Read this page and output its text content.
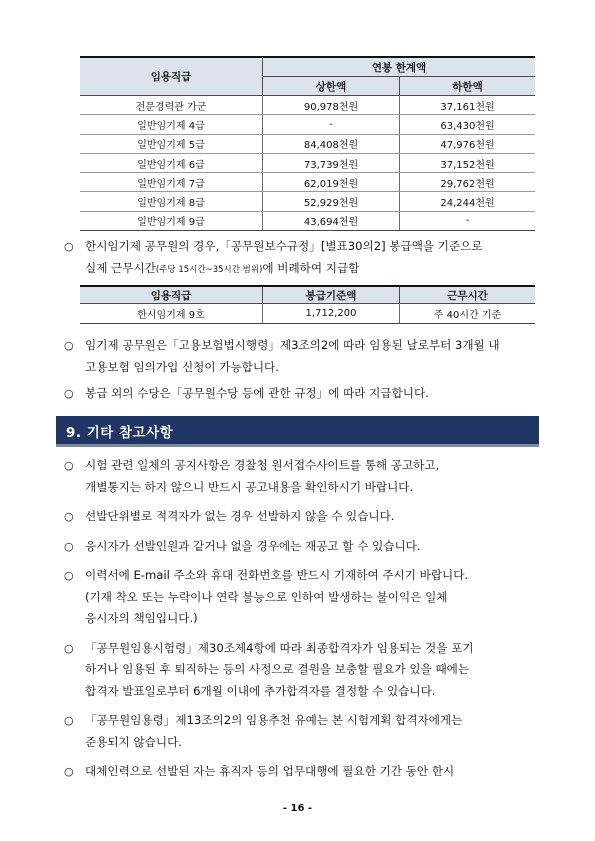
임용직급	연봉 한계액	
	상한액	하한액
전문경력관 가군	90,978천원	37,161천원
일반임기제 4급	-	63,430천원
일반임기제 5급	84,408천원	47,976천원
일반임기제 6급	73,739천원	37,152천원
일반임기제 7급	62,019천원	29,762천원
일반임기제 8급	52,929천원	24,244천원
일반임기제 9급	43,694천원	-
○ 한시임기제 공무원의 경우,「공무원보수규정」[별표30의2] 봉급액을 기준으로
실제 근무시간(주당 15시간~35시간 범위)에 비례하여 지급함
임용직급	봉급기준액	근무시간
한시임기제 9호	1,712,200	주 40시간 기준
○ 임기제 공무원은「고용보험법시행령」제3조의2에 따라 임용된 날로부터 3개월 내
고용보험 임의가입 신청이 가능합니다.
○ 봉급 외의 수당은「공무원수당 등에 관한 규정」에 따라 지급합니다.
9. 기타 참고사항
○ 시험 관련 일체의 공지사항은 경찰청 원서접수사이트를 통해 공고하고,
개별통지는 하지 않으니 반드시 공고내용을 확인하시기 바랍니다.
○ 선발단위별로 적격자가 없는 경우 선발하지 않을 수 있습니다.
○ 응시자가 선발인원과 같거나 없을 경우에는 재공고 할 수 있습니다.
○ 이력서에 E-mail 주소와 휴대 전화번호를 반드시 기재하여 주시기 바랍니다.
(기재 착오 또는 누락이나 연락 불능으로 인하여 발생하는 불이익은 일체
응시자의 책임입니다.)
○ 「공무원임용시험령」제30조제4항에 따라 최종합격자가 임용되는 것을 포기
하거나 임용된 후 퇴직하는 등의 사정으로 결원을 보충할 필요가 있을 때에는
합격자 발표일로부터 6개월 이내에 추가합격자를 결정할 수 있습니다.
○ 「공무원임용령」제13조의2의 임용추천 유예는 본 시험계획 합격자에게는
준용되지 않습니다.
○ 대체인력으로 선발된 자는 휴직자 등의 업무대행에 필요한 기간 동안 한시
- 16 -
